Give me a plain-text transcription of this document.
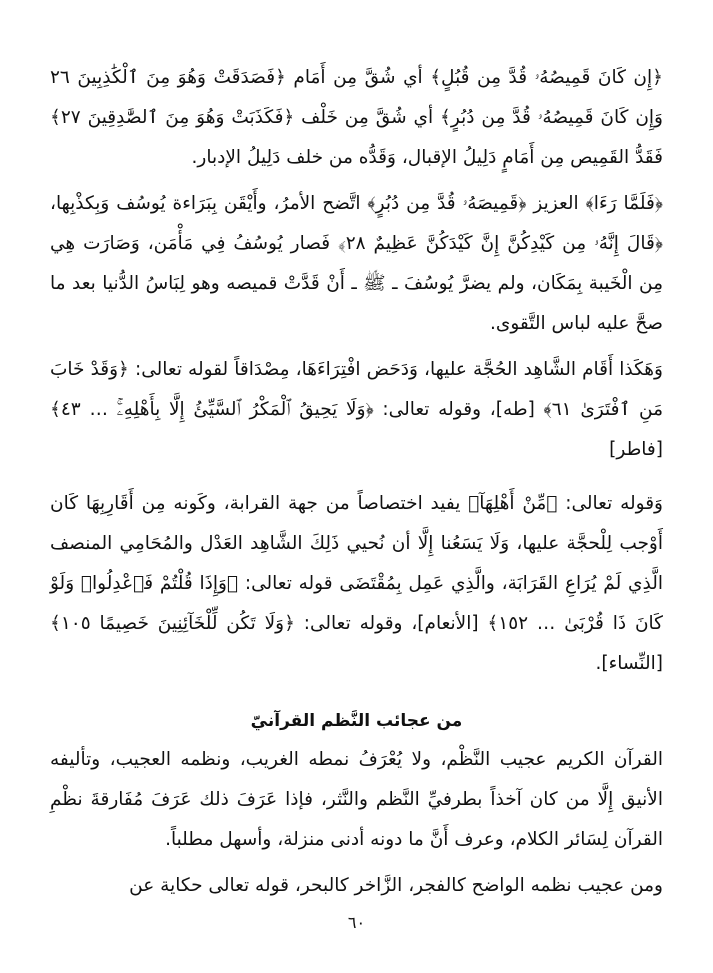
﴿إِن كَانَ قَمِيصُهُۥ قُدَّ مِن قُبُلٍ﴾ أي شُقَّ مِن أَمَام ﴿فَصَدَقَتْ وَهُوَ مِنَ ٱلْكَٰذِبِينَ ٢٦ وَإِن كَانَ قَمِيصُهُۥ قُدَّ مِن دُبُرٍ﴾ أي شُقَّ مِن خَلْف ﴿فَكَذَبَتْ وَهُوَ مِنَ ٱلصَّٰدِقِينَ ٢٧﴾ فَقَدُّ القَمِيص مِن أَمَامٍ دَلِيلُ الإقبال، وَقَدُّه من خلف دَلِيلُ الإدبار.

﴿فَلَمَّا رَءَا﴾ العزيز ﴿قَمِيصَهُۥ قُدَّ مِن دُبُرٍ﴾ اتَّضح الأمرُ، وأَيْقَن بِبَرَاءة يُوسُف وَبِكذْبِها، ﴿قَالَ إِنَّهُۥ مِن كَيْدِكُنَّ إِنَّ كَيْدَكُنَّ عَظِيمٌ ٢٨﴾ فَصار يُوسُفُ فِي مَأْمَن، وَصَارَت هِي مِن الْخَيبة بِمَكَان، ولم يضرَّ يُوسُفَ ـ ﷺ ـ أَنْ قَدَّتْ قميصه وهو لِبَاسُ الدُّنيا بعد ما صحَّ عليه لباس التَّقوى.

وَهَكَذا أَقَام الشَّاهِد الحُجَّة عليها، وَدَحَض افْتِرَاءَهَا، مِصْدَاقاً لقوله تعالى: ﴿وَقَدْ خَابَ مَنِ ٱفْتَرَىٰ ٦١﴾ [طه]، وقوله تعالى: ﴿وَلَا يَحِيقُ ٱلْمَكْرُ ٱلسَّيِّئُ إِلَّا بِأَهْلِهِۦۚ … ٤٣﴾ [فاطر]

وَقوله تعالى: ﴿مِّنْ أَهْلِهَآ﴾ يفيد اختصاصاً من جهة القرابة، وكَونه مِن أَقَارِبِهَا كَان أَوْجب لِلْحجَّة عليها، وَلَا يَسَعُنا إِلَّا أن نُحيي ذَلِكَ الشَّاهِد العَدْل والمُحَامِي المنصف الَّذِي لَمْ يُرَاعِ القَرَابَة، والَّذِي عَمِل بِمُقْتَضَى قوله تعالى: ﴿وَإِذَا قُلْتُمْ فَٱعْدِلُوا۟ وَلَوْ كَانَ ذَا قُرْبَىٰ … ١٥٢﴾ [الأنعام]، وقوله تعالى: ﴿وَلَا تَكُن لِّلْخَآئِنِينَ خَصِيمًا ١٠٥﴾ [النِّساء].

من عجائب النَّظم القرآنيّ

القرآن الكريم عجيب النَّظْم، ولا يُعْرَفُ نمطه الغريب، ونظمه العجيب، وتأليفه الأنيق إِلَّا من كان آخذاً بطرفيِّ النَّظم والنَّثر، فإذا عَرَفَ ذلك عَرَفَ مُفَارقةَ نظْمِ القرآن لِسَائر الكلام، وعرف أَنَّ ما دونه أدنى منزلة، وأسهل مطلباً.

ومن عجيب نظمه الواضح كالفجر، الزَّاخر كالبحر، قوله تعالى حكاية عن

٦٠
